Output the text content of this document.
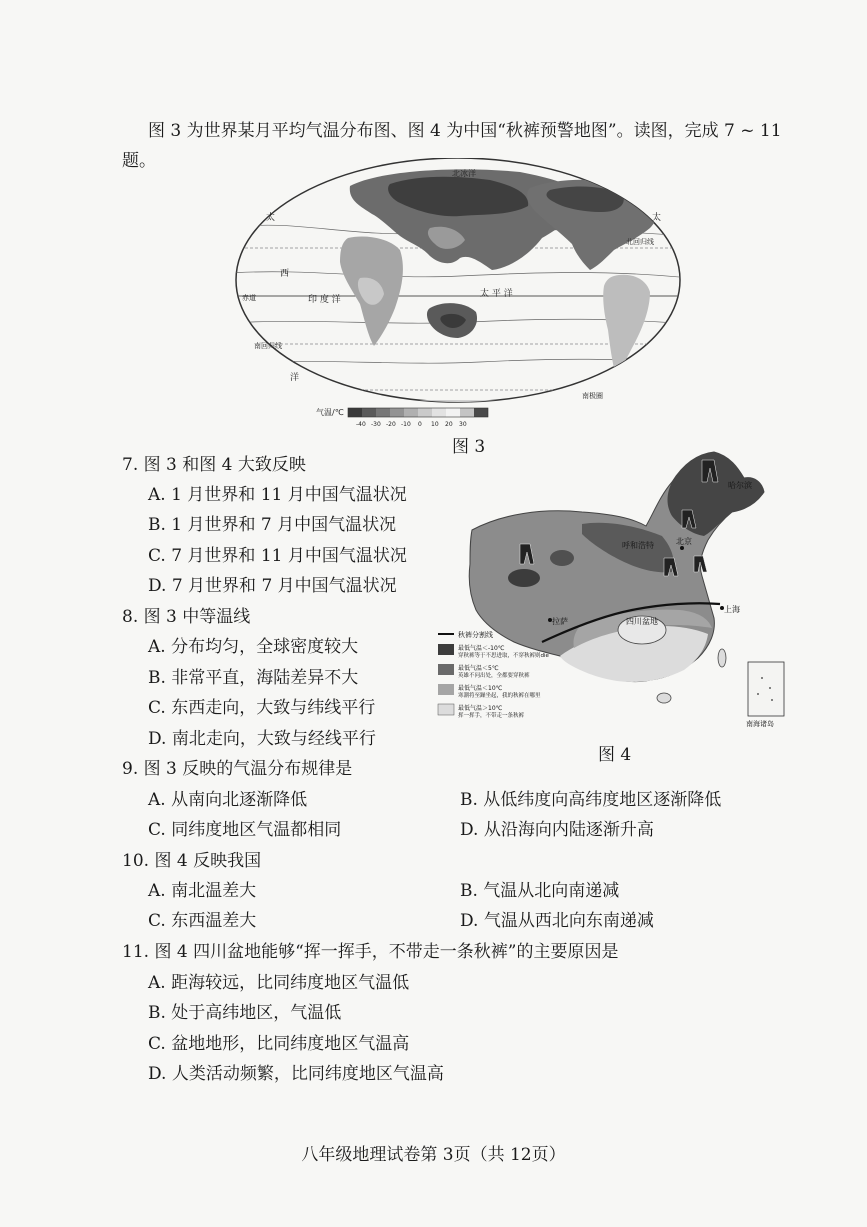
图 3 为世界某月平均气温分布图、图 4 为中国“秋裤预警地图”。读图，完成 7 ~ 11
题。
北冰洋
太	太
北回归线
西
赤道	印 度 洋
太 平 洋
南回归线
洋
南极圈
气温/℃
-40 -30 -20 -10 0 10 20 30
图 3
哈尔滨
呼和浩特	北京
拉萨	四川盆地
上海
南海诸岛
秋裤分割线
最低气温＜-10℃
穿秋裤等于不思进取，不穿秋裤则die
最低气温＜5℃
英雄不问出处，全都要穿秋裤
最低气温＜10℃
寒潮将至躁坐起，我的秋裤在哪里
最低气温＞10℃
挥一挥手，不带走一条秋裤
图 4
7. 图 3 和图 4 大致反映
A. 1 月世界和 11 月中国气温状况
B. 1 月世界和 7 月中国气温状况
C. 7 月世界和 11 月中国气温状况
D. 7 月世界和 7 月中国气温状况
8. 图 3 中等温线
A. 分布均匀，全球密度较大
B. 非常平直，海陆差异不大
C. 东西走向，大致与纬线平行
D. 南北走向，大致与经线平行
9. 图 3 反映的气温分布规律是
A. 从南向北逐渐降低	B. 从低纬度向高纬度地区逐渐降低
C. 同纬度地区气温都相同	D. 从沿海向内陆逐渐升高
10. 图 4 反映我国
A. 南北温差大	B. 气温从北向南递减
C. 东西温差大	D. 气温从西北向东南递减
11. 图 4 四川盆地能够“挥一挥手，不带走一条秋裤”的主要原因是
A. 距海较远，比同纬度地区气温低
B. 处于高纬地区，气温低
C. 盆地地形，比同纬度地区气温高
D. 人类活动频繁，比同纬度地区气温高
八年级地理试卷第 3页（共 12页）
